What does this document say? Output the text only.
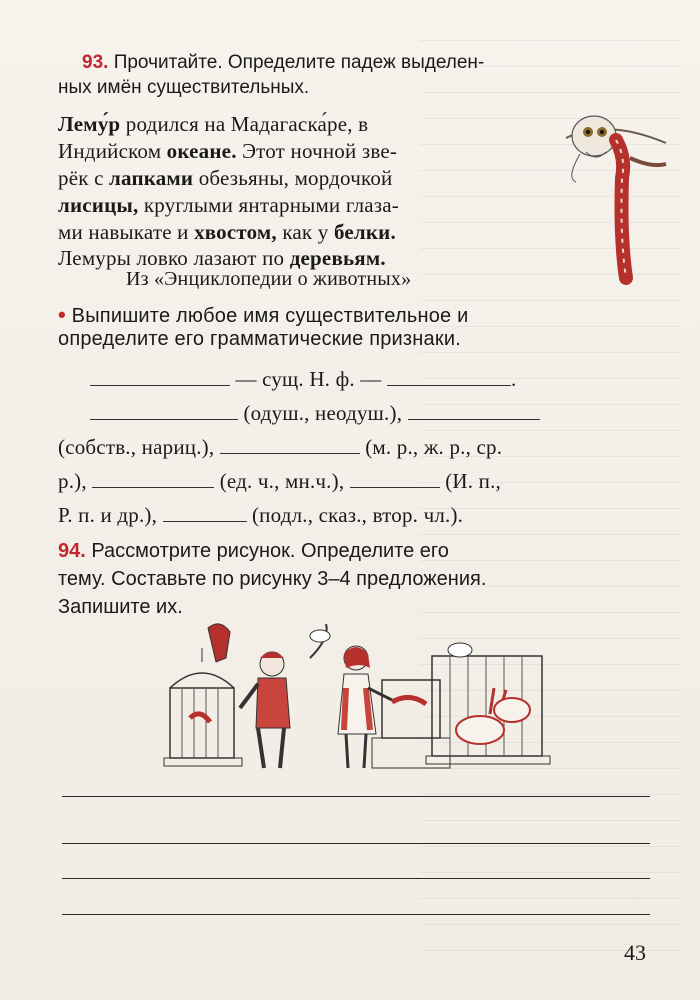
93. Прочитайте. Определите падеж выделен-
ных имён существительных.
Лему́р родился на Мадагаска́ре, в
Индийском океане. Этот ночной зве-
рёк с лапками обезьяны, мордочкой
лисицы, круглыми янтарными глаза-
ми навыкате и хвостом, как у белки.
Лемуры ловко лазают по деревьям.
Из «Энциклопедии о животных»
• Выпишите любое имя существительное и
определите его грамматические признаки.
— сущ. Н. ф. —	.
(одуш., неодуш.),
(собств., нариц.),	(м. р., ж. р., ср.
р.),	(ед. ч., мн.ч.),	(И. п.,
Р. п. и др.),	(подл., сказ., втор. чл.).
94. Рассмотрите рисунок. Определите его
тему. Составьте по рисунку 3–4 предложения.
Запишите их.
43
